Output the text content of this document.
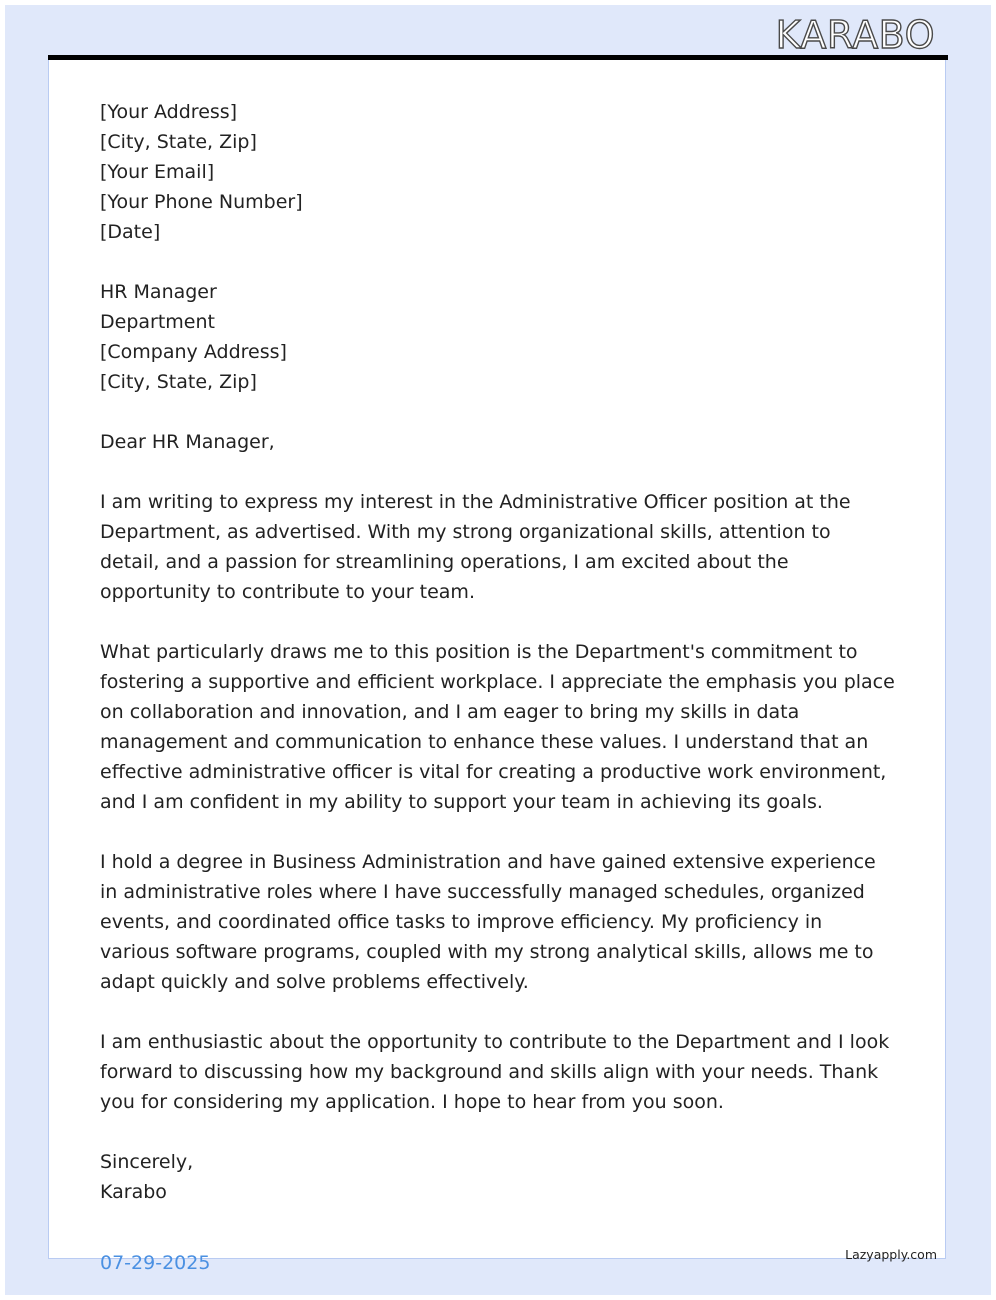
KARABO
[Your Address]
[City, State, Zip]
[Your Email]
[Your Phone Number]
[Date]
HR Manager
Department
[Company Address]
[City, State, Zip]

Dear HR Manager,

I am writing to express my interest in the Administrative Officer position at the Department, as advertised. With my strong organizational skills, attention to detail, and a passion for streamlining operations, I am excited about the opportunity to contribute to your team.

What particularly draws me to this position is the Department's commitment to fostering a supportive and efficient workplace. I appreciate the emphasis you place on collaboration and innovation, and I am eager to bring my skills in data management and communication to enhance these values. I understand that an effective administrative officer is vital for creating a productive work environment, and I am confident in my ability to support your team in achieving its goals.

I hold a degree in Business Administration and have gained extensive experience in administrative roles where I have successfully managed schedules, organized events, and coordinated office tasks to improve efficiency. My proficiency in various software programs, coupled with my strong analytical skills, allows me to adapt quickly and solve problems effectively.

I am enthusiastic about the opportunity to contribute to the Department and I look forward to discussing how my background and skills align with your needs. Thank you for considering my application. I hope to hear from you soon.

Sincerely,
Karabo
07-29-2025	Lazyapply.com
